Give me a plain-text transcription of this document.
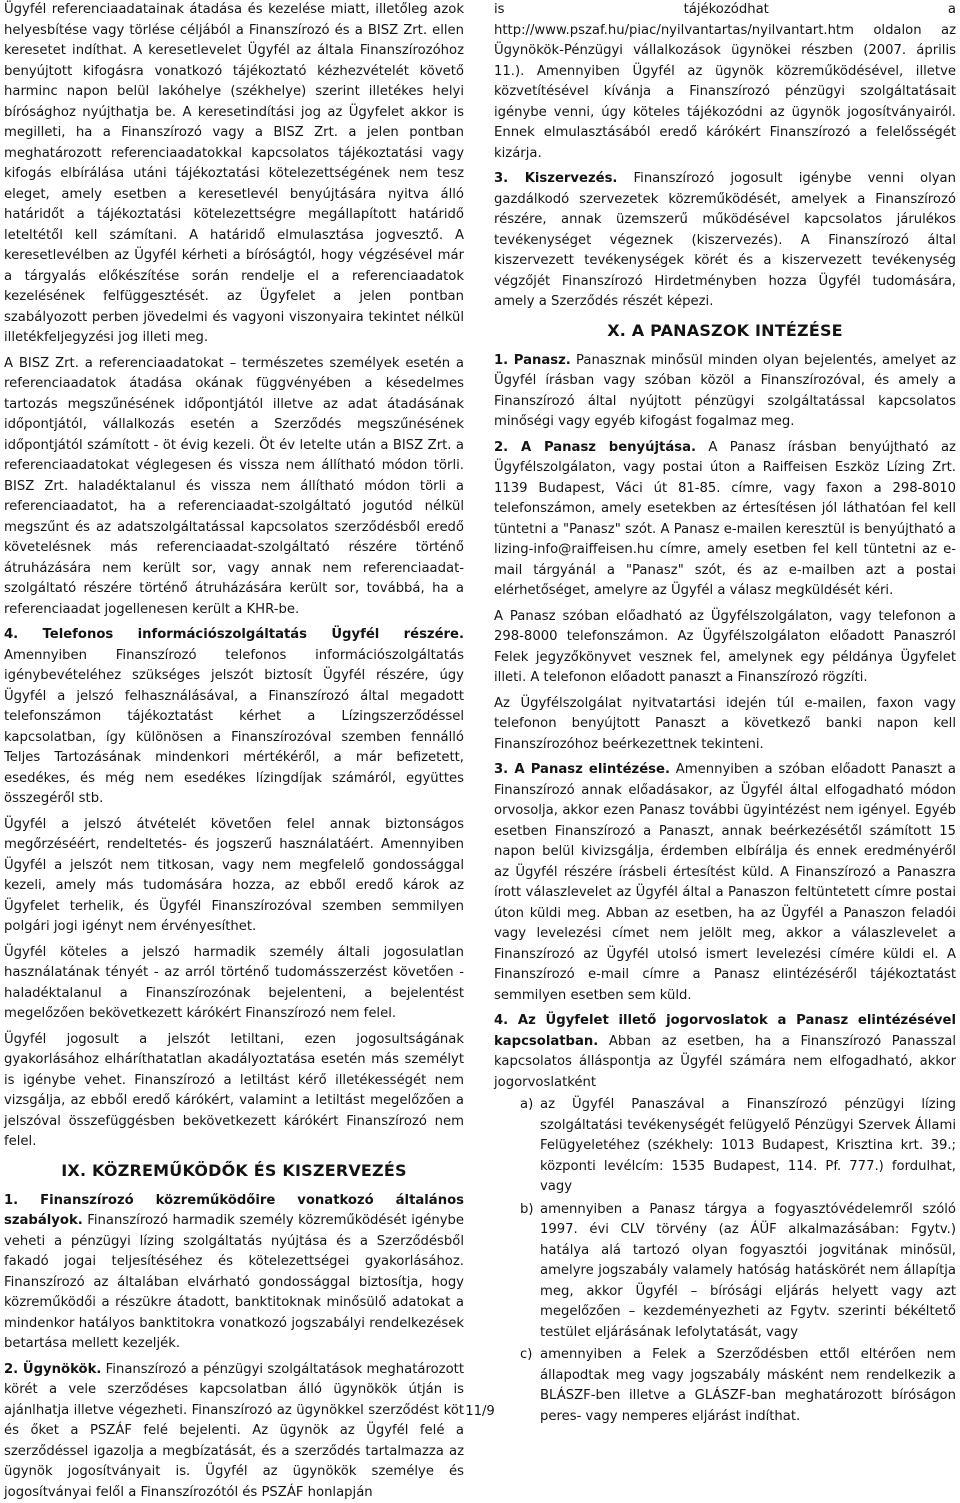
Ügyfél referenciaadatainak átadása és kezelése miatt, illetőleg azok helyesbítése vagy törlése céljából a Finanszírozó és a BISZ Zrt. ellen keresetet indíthat. A keresetlevelet Ügyfél az általa Finanszírozóhoz benyújtott kifogásra vonatkozó tájékoztató kézhezvételét követő harminc napon belül lakóhelye (székhelye) szerint illetékes helyi bírósághoz nyújthatja be. A keresetindítási jog az Ügyfelet akkor is megilleti, ha a Finanszírozó vagy a BISZ Zrt. a jelen pontban meghatározott referenciaadatokkal kapcsolatos tájékoztatási vagy kifogás elbírálása utáni tájékoztatási kötelezettségének nem tesz eleget, amely esetben a keresetlevél benyújtására nyitva álló határidőt a tájékoztatási kötelezettségre megállapított határidő leteltétől kell számítani. A határidő elmulasztása jogvesztő. A keresetlevélben az Ügyfél kérheti a bíróságtól, hogy végzésével már a tárgyalás előkészítése során rendelje el a referenciaadatok kezelésének felfüggesztését. az Ügyfelet a jelen pontban szabályozott perben jövedelmi és vagyoni viszonyaira tekintet nélkül illetékfeljegyzési jog illeti meg.

A BISZ Zrt. a referenciaadatokat – természetes személyek esetén a referenciaadatok átadása okának függvényében a késedelmes tartozás megszűnésének időpontjától illetve az adat átadásának időpontjától, vállalkozás esetén a Szerződés megszűnésének időpontjától számított - öt évig kezeli. Öt év letelte után a BISZ Zrt. a referenciaadatokat véglegesen és vissza nem állítható módon törli. BISZ Zrt. haladéktalanul és vissza nem állítható módon törli a referenciaadatot, ha a referenciaadat-szolgáltató jogutód nélkül megszűnt és az adatszolgáltatással kapcsolatos szerződésből eredő követelésnek más referenciaadat-szolgáltató részére történő átruházására nem került sor, vagy annak nem referenciaadat-szolgáltató részére történő átruházására került sor, továbbá, ha a referenciaadat jogellenesen került a KHR-be.

4. Telefonos információszolgáltatás Ügyfél részére. Amennyiben Finanszírozó telefonos információszolgáltatás igénybevételéhez szükséges jelszót biztosít Ügyfél részére, úgy Ügyfél a jelszó felhasználásával, a Finanszírozó által megadott telefonszámon tájékoztatást kérhet a Lízingszerződéssel kapcsolatban, így különösen a Finanszírozóval szemben fennálló Teljes Tartozásának mindenkori mértékéről, a már befizetett, esedékes, és még nem esedékes lízingdíjak számáról, együttes összegéről stb.

Ügyfél a jelszó átvételét követően felel annak biztonságos megőrzéséért, rendeltetés- és jogszerű használatáért. Amennyiben Ügyfél a jelszót nem titkosan, vagy nem megfelelő gondossággal kezeli, amely más tudomására hozza, az ebből eredő károk az Ügyfelet terhelik, és Ügyfél Finanszírozóval szemben semmilyen polgári jogi igényt nem érvényesíthet.

Ügyfél köteles a jelszó harmadik személy általi jogosulatlan használatának tényét - az arról történő tudomásszerzést követően - haladéktalanul a Finanszírozónak bejelenteni, a bejelentést megelőzően bekövetkezett kárókért Finanszírozó nem felel.

Ügyfél jogosult a jelszót letiltani, ezen jogosultságának gyakorlásához elháríthatatlan akadályoztatása esetén más személyt is igénybe vehet. Finanszírozó a letiltást kérő illetékességét nem vizsgálja, az ebből eredő kárókért, valamint a letiltást megelőzően a jelszóval összefüggésben bekövetkezett kárókért Finanszírozó nem felel.

IX. KÖZREMŰKÖDŐK ÉS KISZERVEZÉS

1. Finanszírozó közreműködőire vonatkozó általános szabályok. Finanszírozó harmadik személy közreműködését igénybe veheti a pénzügyi lízing szolgáltatás nyújtása és a Szerződésből fakadó jogai teljesítéséhez és kötelezettségei gyakorlásához. Finanszírozó az általában elvárható gondossággal biztosítja, hogy közreműködői a részükre átadott, banktitoknak minősülő adatokat a mindenkor hatályos banktitokra vonatkozó jogszabályi rendelkezések betartása mellett kezeljék.

2. Ügynökök. Finanszírozó a pénzügyi szolgáltatások meghatározott körét a vele szerződéses kapcsolatban álló ügynökök útján is ajánlhatja illetve végezheti. Finanszírozó az ügynökkel szerződést köt és őket a PSZÁF felé bejelenti. Az ügynök az Ügyfél felé a szerződéssel igazolja a megbízatását, és a szerződés tartalmazza az ügynök jogosítványait is. Ügyfél az ügynökök személye és jogosítványai felől a Finanszírozótól és PSZÁF honlapján

is tájékozódhat a http://www.pszaf.hu/piac/nyilvantartas/nyilvantart.htm oldalon az Ügynökök-Pénzügyi vállalkozások ügynökei részben (2007. április 11.). Amennyiben Ügyfél az ügynök közreműködésével, illetve közvetítésével kívánja a Finanszírozó pénzügyi szolgáltatásait igénybe venni, úgy köteles tájékozódni az ügynök jogosítványairól. Ennek elmulasztásából eredő kárókért Finanszírozó a felelősségét kizárja.

3. Kiszervezés. Finanszírozó jogosult igénybe venni olyan gazdálkodó szervezetek közreműködését, amelyek a Finanszírozó részére, annak üzemszerű működésével kapcsolatos járulékos tevékenységet végeznek (kiszervezés). A Finanszírozó által kiszervezett tevékenységek körét és a kiszervezett tevékenység végzőjét Finanszírozó Hirdetményben hozza Ügyfél tudomására, amely a Szerződés részét képezi.

X. A PANASZOK INTÉZÉSE

1. Panasz. Panasznak minősül minden olyan bejelentés, amelyet az Ügyfél írásban vagy szóban közöl a Finanszírozóval, és amely a Finanszírozó által nyújtott pénzügyi szolgáltatással kapcsolatos minőségi vagy egyéb kifogást fogalmaz meg.

2. A Panasz benyújtása. A Panasz írásban benyújtható az Ügyfélszolgálaton, vagy postai úton a Raiffeisen Eszköz Lízing Zrt. 1139 Budapest, Váci út 81-85. címre, vagy faxon a 298-8010 telefonszámon, amely esetekben az értesítésen jól láthatóan fel kell tüntetni a "Panasz" szót. A Panasz e-mailen keresztül is benyújtható a lizing-info@raiffeisen.hu címre, amely esetben fel kell tüntetni az e-mail tárgyánál a "Panasz" szót, és az e-mailben azt a postai elérhetőséget, amelyre az Ügyfél a válasz megküldését kéri.

A Panasz szóban előadható az Ügyfélszolgálaton, vagy telefonon a 298-8000 telefonszámon. Az Ügyfélszolgálaton előadott Panaszról Felek jegyzőkönyvet vesznek fel, amelynek egy példánya Ügyfelet illeti. A telefonon előadott panaszt a Finanszírozó rögzíti.

Az Ügyfélszolgálat nyitvatartási idején túl e-mailen, faxon vagy telefonon benyújtott Panaszt a következő banki napon kell Finanszírozóhoz beérkezettnek tekinteni.

3. A Panasz elintézése. Amennyiben a szóban előadott Panaszt a Finanszírozó annak előadásakor, az Ügyfél által elfogadható módon orvosolja, akkor ezen Panasz további ügyintézést nem igényel. Egyéb esetben Finanszírozó a Panaszt, annak beérkezésétől számított 15 napon belül kivizsgálja, érdemben elbírálja és ennek eredményéről az Ügyfél részére írásbeli értesítést küld. A Finanszírozó a Panaszra írott válaszlevelet az Ügyfél által a Panaszon feltüntetett címre postai úton küldi meg. Abban az esetben, ha az Ügyfél a Panaszon feladói vagy levelezési címet nem jelölt meg, akkor a válaszlevelet a Finanszírozó az Ügyfél utolsó ismert levelezési címére küldi el. A Finanszírozó e-mail címre a Panasz elintézéséről tájékoztatást semmilyen esetben sem küld.

4. Az Ügyfelet illető jogorvoslatok a Panasz elintézésével kapcsolatban. Abban az esetben, ha a Finanszírozó Panasszal kapcsolatos álláspontja az Ügyfél számára nem elfogadható, akkor jogorvoslatként

a) az Ügyfél Panaszával a Finanszírozó pénzügyi lízing szolgáltatási tevékenységét felügyelő Pénzügyi Szervek Állami Felügyeletéhez (székhely: 1013 Budapest, Krisztina krt. 39.; központi levélcím: 1535 Budapest, 114. Pf. 777.) fordulhat, vagy
b) amennyiben a Panasz tárgya a fogyasztóvédelemről szóló 1997. évi CLV törvény (az ÁÜF alkalmazásában: Fgytv.) hatálya alá tartozó olyan fogyasztói jogvitának minősül, amelyre jogszabály valamely hatóság hatáskörét nem állapítja meg, akkor Ügyfél – bírósági eljárás helyett vagy azt megelőzően – kezdeményezheti az Fgytv. szerinti békéltető testület eljárásának lefolytatását, vagy
c) amennyiben a Felek a Szerződésben ettől eltérően nem állapodtak meg vagy jogszabály másként nem rendelkezik a BLÁSZF-ben illetve a GLÁSZF-ban meghatározott bíróságon peres- vagy nemperes eljárást indíthat.
11/9
